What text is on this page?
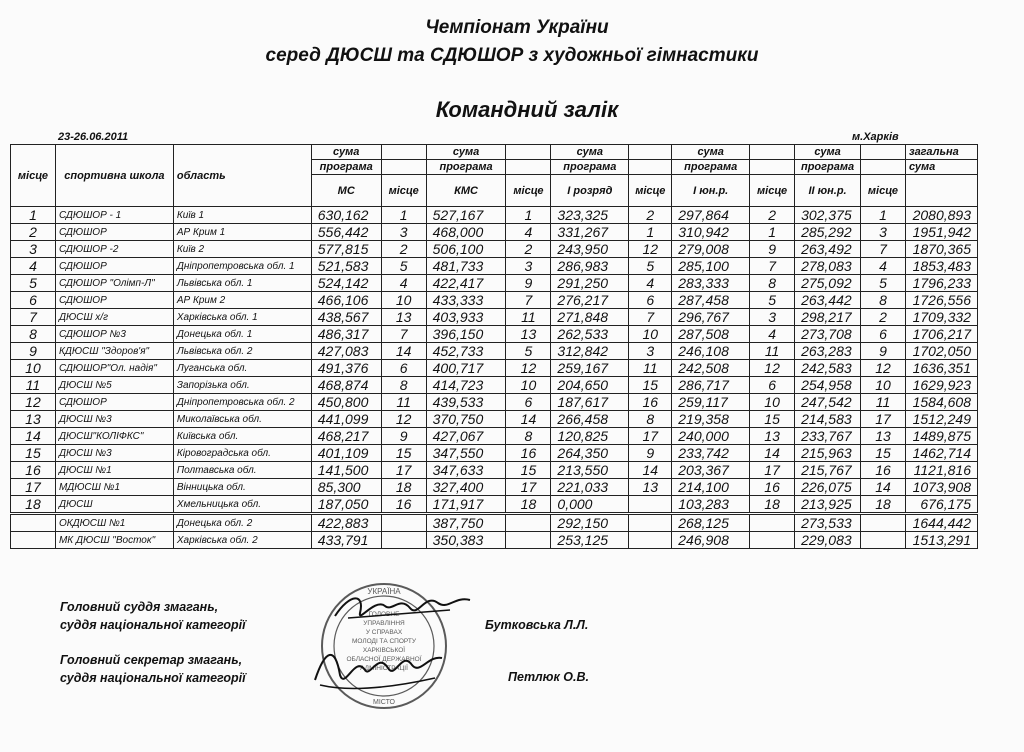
Чемпіонат України
серед ДЮСШ та СДЮШОР з художньої гімнастики
Командний залік
23-26.06.2011	м.Харків
місце	спортивна школа	область	сума		сума		сума		сума		сума		загальна
			програма		програма		програма		програма		програма		сума
			МС	місце	КМС	місце	І розряд	місце	І юн.р.	місце	ІІ юн.р.	місце	
1	СДЮШОР - 1	Київ 1	630,162	1	527,167	1	323,325	2	297,864	2	302,375	1	2080,893
2	СДЮШОР	АР Крим 1	556,442	3	468,000	4	331,267	1	310,942	1	285,292	3	1951,942
3	СДЮШОР -2	Київ 2	577,815	2	506,100	2	243,950	12	279,008	9	263,492	7	1870,365
4	СДЮШОР	Дніпропетровська обл. 1	521,583	5	481,733	3	286,983	5	285,100	7	278,083	4	1853,483
5	СДЮШОР "Олімп-Л"	Львівська обл. 1	524,142	4	422,417	9	291,250	4	283,333	8	275,092	5	1796,233
6	СДЮШОР	АР Крим 2	466,106	10	433,333	7	276,217	6	287,458	5	263,442	8	1726,556
7	ДЮСШ х/г	Харківська обл. 1	438,567	13	403,933	11	271,848	7	296,767	3	298,217	2	1709,332
8	СДЮШОР №3	Донецька обл. 1	486,317	7	396,150	13	262,533	10	287,508	4	273,708	6	1706,217
9	КДЮСШ "Здоров'я"	Львівська обл. 2	427,083	14	452,733	5	312,842	3	246,108	11	263,283	9	1702,050
10	СДЮШОР"Ол. надія"	Луганська обл.	491,376	6	400,717	12	259,167	11	242,508	12	242,583	12	1636,351
11	ДЮСШ №5	Запорізька обл.	468,874	8	414,723	10	204,650	15	286,717	6	254,958	10	1629,923
12	СДЮШОР	Дніпропетровська обл. 2	450,800	11	439,533	6	187,617	16	259,117	10	247,542	11	1584,608
13	ДЮСШ №3	Миколаївська обл.	441,099	12	370,750	14	266,458	8	219,358	15	214,583	17	1512,249
14	ДЮСШ"КОЛІФКС"	Київська обл.	468,217	9	427,067	8	120,825	17	240,000	13	233,767	13	1489,875
15	ДЮСШ №3	Кіровоградська обл.	401,109	15	347,550	16	264,350	9	233,742	14	215,963	15	1462,714
16	ДЮСШ №1	Полтавська обл.	141,500	17	347,633	15	213,550	14	203,367	17	215,767	16	1121,816
17	МДЮСШ №1	Вінницька обл.	85,300	18	327,400	17	221,033	13	214,100	16	226,075	14	1073,908
18	ДЮСШ	Хмельницька обл.	187,050	16	171,917	18	0,000		103,283	18	213,925	18	676,175
	ОКДЮСШ №1	Донецька обл. 2	422,883		387,750		292,150		268,125		273,533		1644,442
	МК ДЮСШ "Восток"	Харківська обл. 2	433,791		350,383		253,125		246,908		229,083		1513,291
Головний суддя змагань,
суддя національної категорії	Бутковська Л.Л.
Головний секретар змагань,
суддя національної категорії	Петлюк О.В.
УКРАЇНА
ГОЛОВНЕ
УПРАВЛІННЯ
У СПРАВАХ
МОЛОДІ ТА СПОРТУ
ХАРКІВСЬКОЇ
ОБЛАСНОЇ ДЕРЖАВНОЇ
АДМІНІСТРАЦІЇ
МІСТО
